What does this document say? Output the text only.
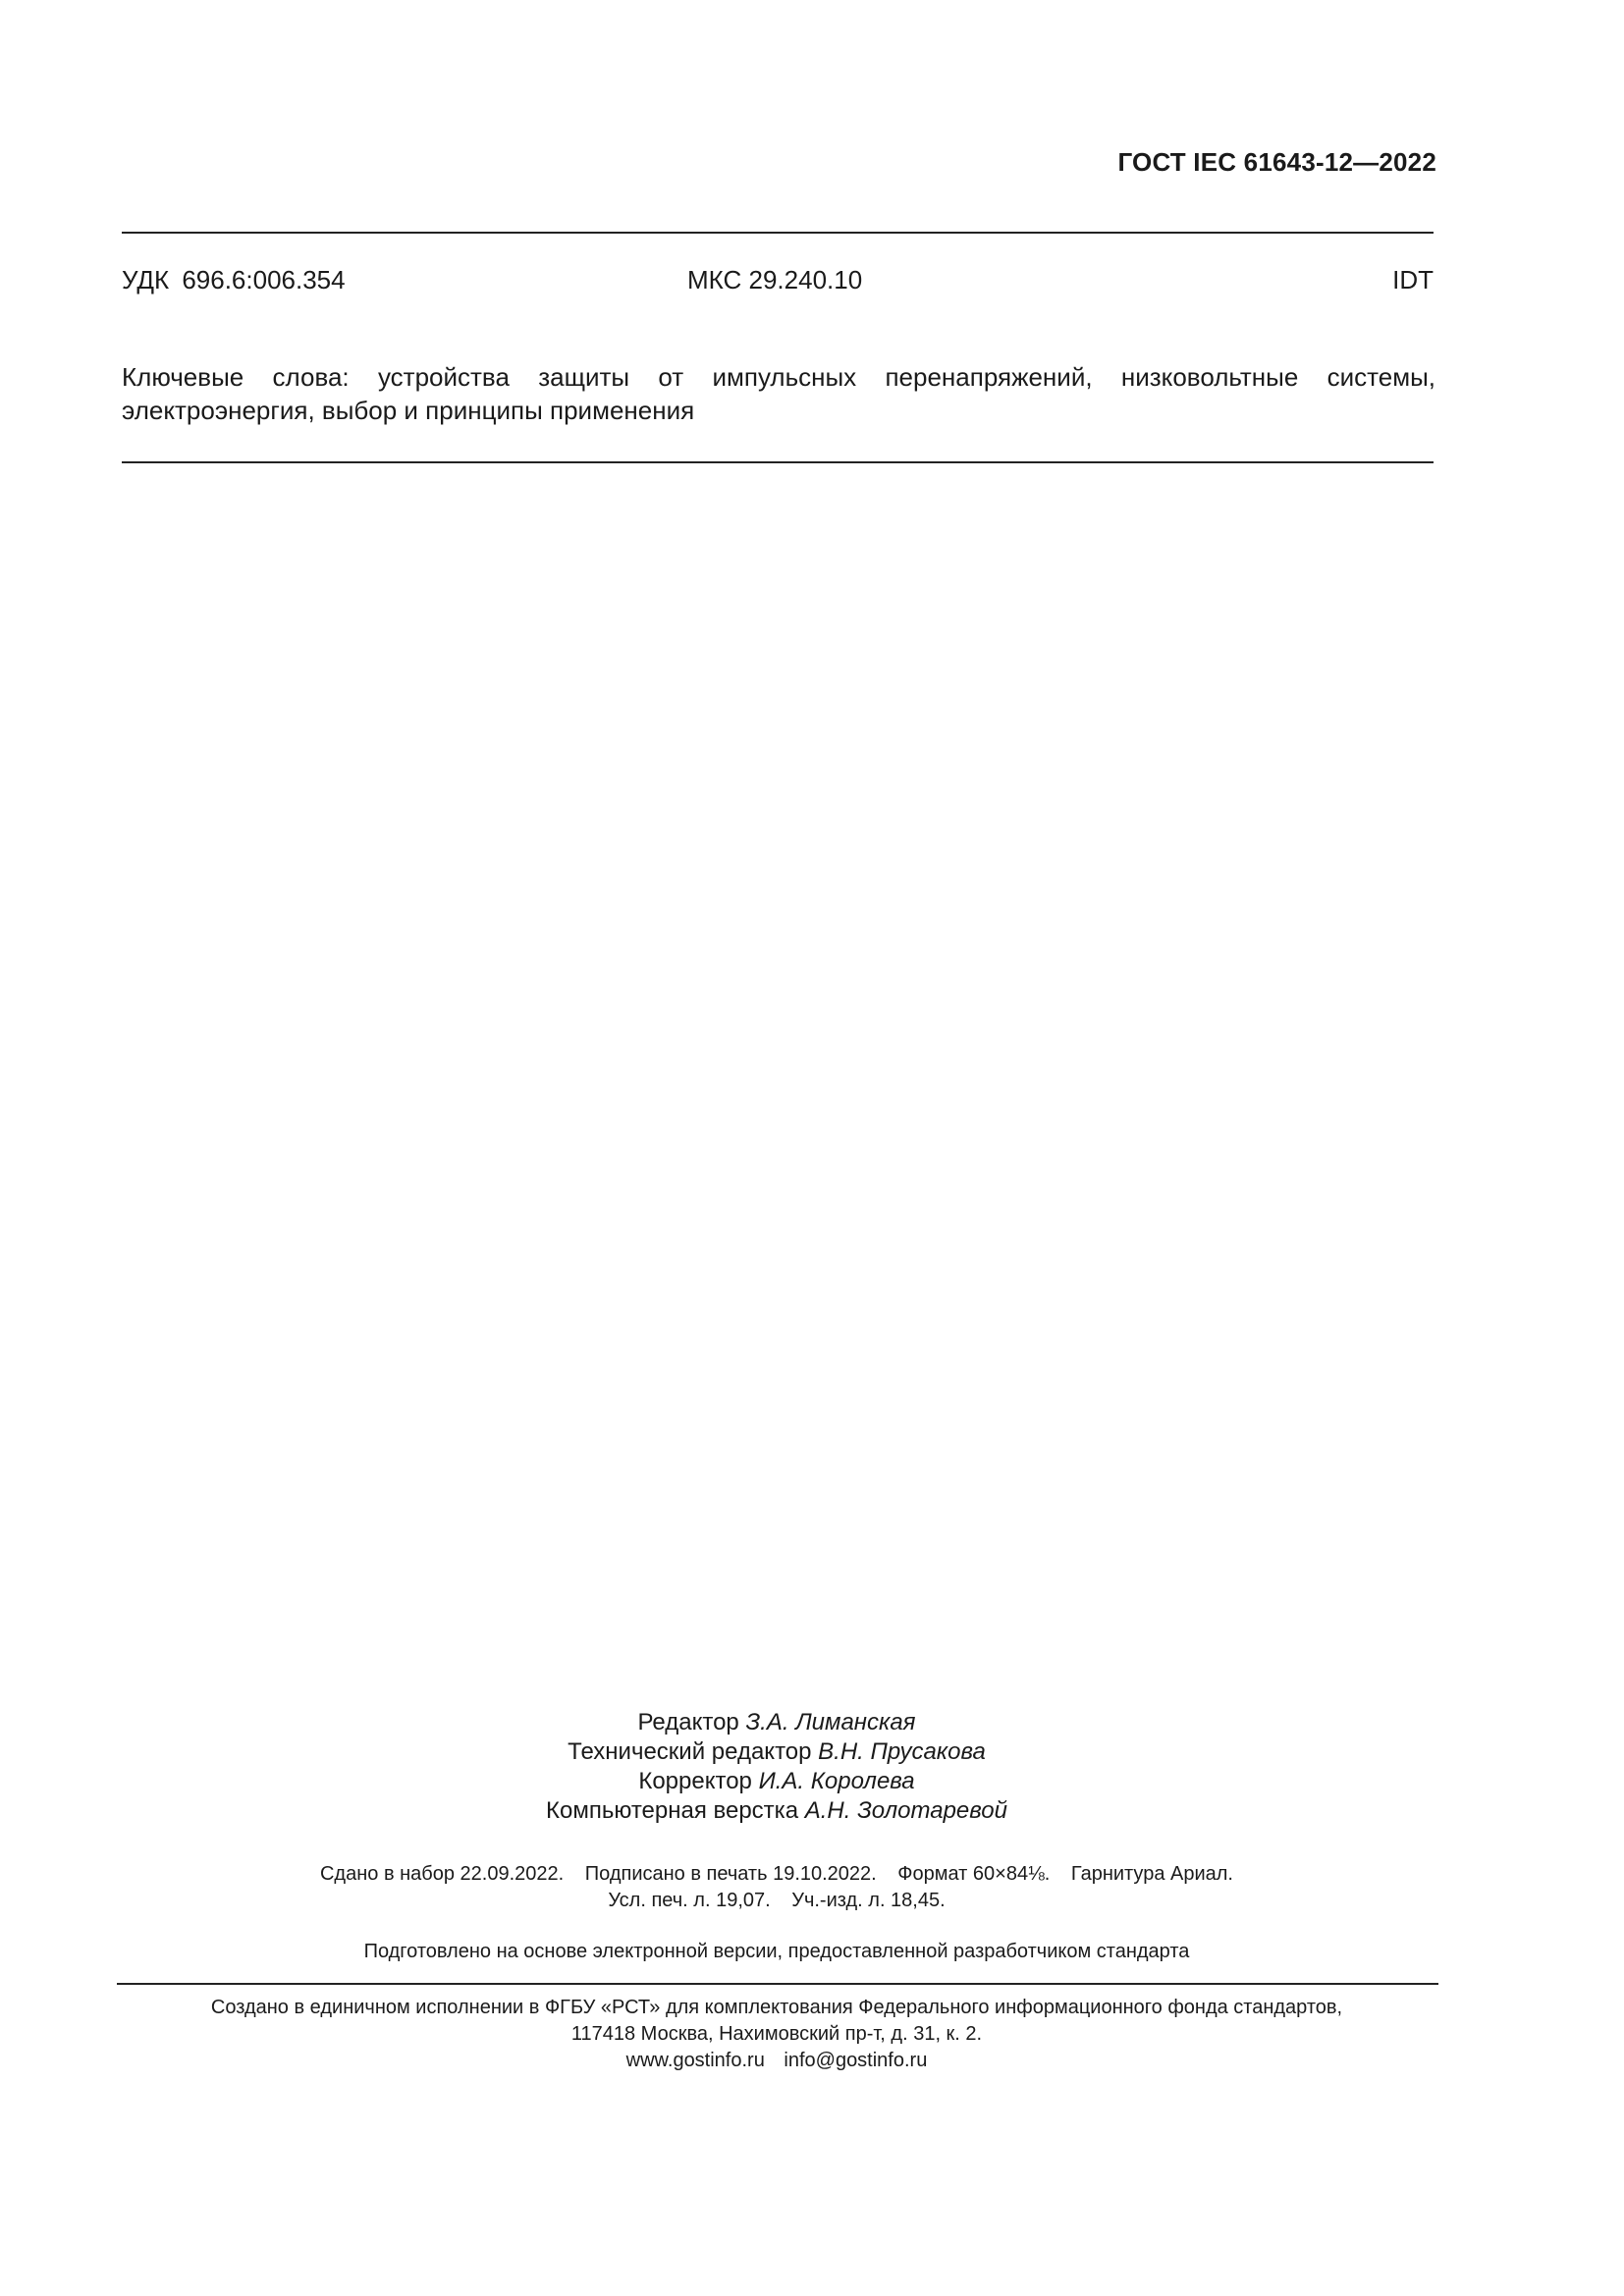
ГОСТ IEC 61643-12—2022
УДК 696.6:006.354	МКС 29.240.10	IDT
Ключевые слова: устройства защиты от импульсных перенапряжений, низковольтные системы, электроэнергия, выбор и принципы применения
Редактор З.А. Лиманская
Технический редактор В.Н. Прусакова
Корректор И.А. Королева
Компьютерная верстка А.Н. Золотаревой
Сдано в набор 22.09.2022. Подписано в печать 19.10.2022. Формат 60×84⅛. Гарнитура Ариал.
Усл. печ. л. 19,07. Уч.-изд. л. 18,45.
Подготовлено на основе электронной версии, предоставленной разработчиком стандарта
Создано в единичном исполнении в ФГБУ «РСТ» для комплектования Федерального информационного фонда стандартов,
117418 Москва, Нахимовский пр-т, д. 31, к. 2.
www.gostinfo.ru info@gostinfo.ru
